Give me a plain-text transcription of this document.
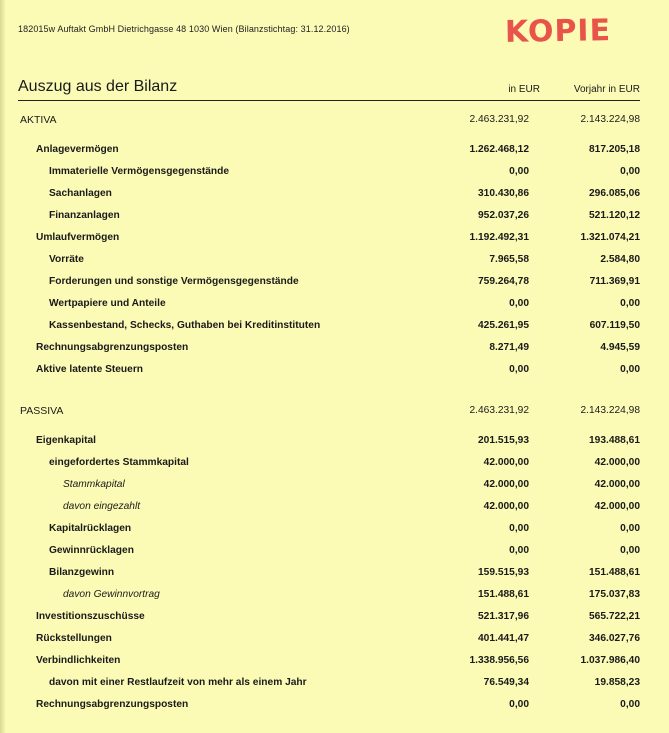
182015w Auftakt GmbH Dietrichgasse 48 1030 Wien (Bilanzstichtag: 31.12.2016)	KOPIE
Auszug aus der Bilanz	in EUR	Vorjahr in EUR
AKTIVA	2.463.231,92	2.143.224,98
Anlagevermögen	1.262.468,12	817.205,18
Immaterielle Vermögensgegenstände	0,00	0,00
Sachanlagen	310.430,86	296.085,06
Finanzanlagen	952.037,26	521.120,12
Umlaufvermögen	1.192.492,31	1.321.074,21
Vorräte	7.965,58	2.584,80
Forderungen und sonstige Vermögensgegenstände	759.264,78	711.369,91
Wertpapiere und Anteile	0,00	0,00
Kassenbestand, Schecks, Guthaben bei Kreditinstituten	425.261,95	607.119,50
Rechnungsabgrenzungsposten	8.271,49	4.945,59
Aktive latente Steuern	0,00	0,00
PASSIVA	2.463.231,92	2.143.224,98
Eigenkapital	201.515,93	193.488,61
eingefordertes Stammkapital	42.000,00	42.000,00
Stammkapital	42.000,00	42.000,00
davon eingezahlt	42.000,00	42.000,00
Kapitalrücklagen	0,00	0,00
Gewinnrücklagen	0,00	0,00
Bilanzgewinn	159.515,93	151.488,61
davon Gewinnvortrag	151.488,61	175.037,83
Investitionszuschüsse	521.317,96	565.722,21
Rückstellungen	401.441,47	346.027,76
Verbindlichkeiten	1.338.956,56	1.037.986,40
davon mit einer Restlaufzeit von mehr als einem Jahr	76.549,34	19.858,23
Rechnungsabgrenzungsposten	0,00	0,00
